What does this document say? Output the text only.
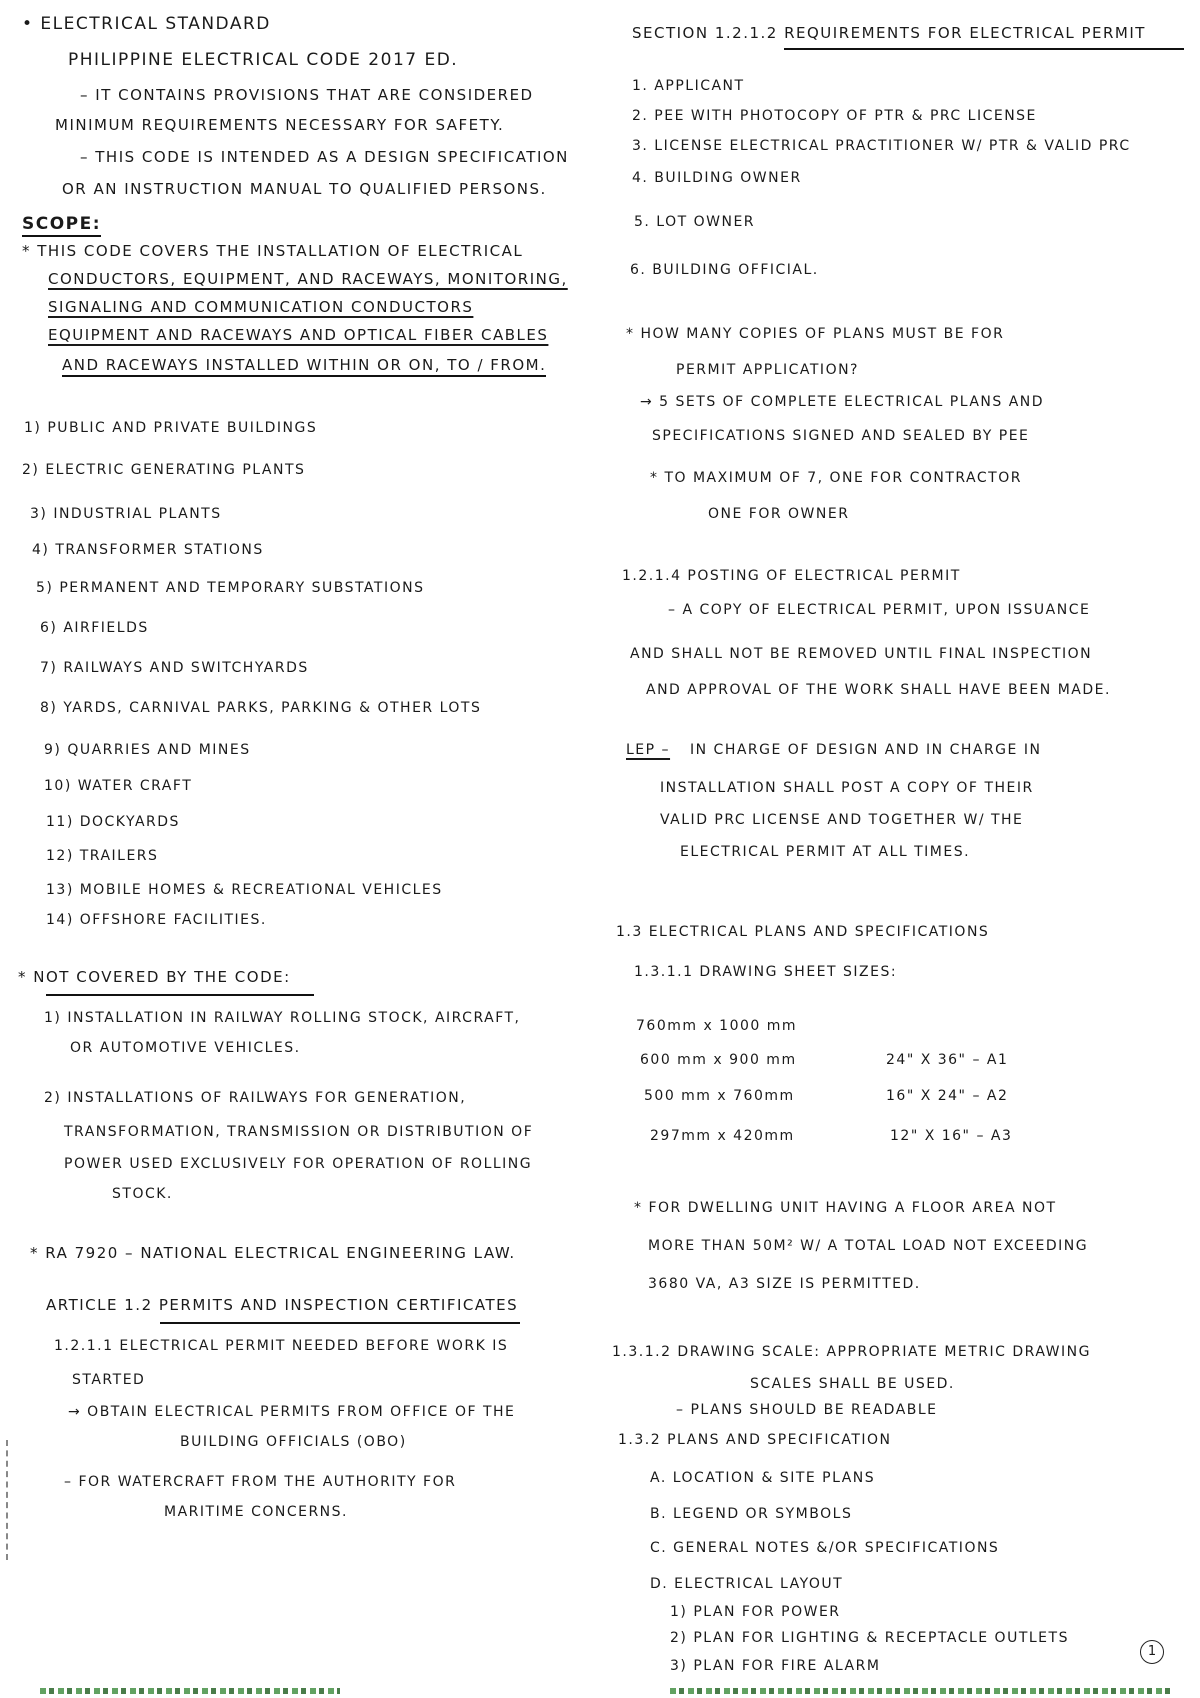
• ELECTRICAL STANDARD
PHILIPPINE ELECTRICAL CODE 2017 ED.
– IT CONTAINS PROVISIONS THAT ARE CONSIDERED
MINIMUM REQUIREMENTS NECESSARY FOR SAFETY.
– THIS CODE IS INTENDED AS A DESIGN SPECIFICATION
OR AN INSTRUCTION MANUAL TO QUALIFIED PERSONS.
SCOPE:
* THIS CODE COVERS THE INSTALLATION OF ELECTRICAL
CONDUCTORS, EQUIPMENT, AND RACEWAYS, MONITORING,
SIGNALING AND COMMUNICATION CONDUCTORS
EQUIPMENT AND RACEWAYS AND OPTICAL FIBER CABLES
AND RACEWAYS INSTALLED WITHIN OR ON, TO / FROM.
1) PUBLIC AND PRIVATE BUILDINGS
2) ELECTRIC GENERATING PLANTS
3) INDUSTRIAL PLANTS
4) TRANSFORMER STATIONS
5) PERMANENT AND TEMPORARY SUBSTATIONS
6) AIRFIELDS
7) RAILWAYS AND SWITCHYARDS
8) YARDS, CARNIVAL PARKS, PARKING & OTHER LOTS
9) QUARRIES AND MINES
10) WATER CRAFT
11) DOCKYARDS
12) TRAILERS
13) MOBILE HOMES & RECREATIONAL VEHICLES
14) OFFSHORE FACILITIES.
* NOT COVERED BY THE CODE:
1) INSTALLATION IN RAILWAY ROLLING STOCK, AIRCRAFT,
OR AUTOMOTIVE VEHICLES.
2) INSTALLATIONS OF RAILWAYS FOR GENERATION,
TRANSFORMATION, TRANSMISSION OR DISTRIBUTION OF
POWER USED EXCLUSIVELY FOR OPERATION OF ROLLING
STOCK.
* RA 7920 – NATIONAL ELECTRICAL ENGINEERING LAW.
ARTICLE 1.2 PERMITS AND INSPECTION CERTIFICATES
1.2.1.1 ELECTRICAL PERMIT NEEDED BEFORE WORK IS
STARTED
→ OBTAIN ELECTRICAL PERMITS FROM OFFICE OF THE
BUILDING OFFICIALS (OBO)
– FOR WATERCRAFT FROM THE AUTHORITY FOR
MARITIME CONCERNS.
SECTION 1.2.1.2 REQUIREMENTS FOR ELECTRICAL PERMIT
1. APPLICANT
2. PEE WITH PHOTOCOPY OF PTR & PRC LICENSE
3. LICENSE ELECTRICAL PRACTITIONER W/ PTR & VALID PRC
4. BUILDING OWNER
5. LOT OWNER
6. BUILDING OFFICIAL.
* HOW MANY COPIES OF PLANS MUST BE FOR
PERMIT APPLICATION?
→ 5 SETS OF COMPLETE ELECTRICAL PLANS AND
SPECIFICATIONS SIGNED AND SEALED BY PEE
* TO MAXIMUM OF 7, ONE FOR CONTRACTOR
ONE FOR OWNER
1.2.1.4 POSTING OF ELECTRICAL PERMIT
– A COPY OF ELECTRICAL PERMIT, UPON ISSUANCE
AND SHALL NOT BE REMOVED UNTIL FINAL INSPECTION
AND APPROVAL OF THE WORK SHALL HAVE BEEN MADE.
LEP – IN CHARGE OF DESIGN AND IN CHARGE IN
INSTALLATION SHALL POST A COPY OF THEIR
VALID PRC LICENSE AND TOGETHER W/ THE
ELECTRICAL PERMIT AT ALL TIMES.
1.3 ELECTRICAL PLANS AND SPECIFICATIONS
1.3.1.1 DRAWING SHEET SIZES:
760mm x 1000 mm
600 mm x 900 mm	24" X 36" – A1
500 mm x 760mm	16" X 24" – A2
297mm x 420mm	12" X 16" – A3
* FOR DWELLING UNIT HAVING A FLOOR AREA NOT
MORE THAN 50M² W/ A TOTAL LOAD NOT EXCEEDING
3680 VA, A3 SIZE IS PERMITTED.
1.3.1.2 DRAWING SCALE: APPROPRIATE METRIC DRAWING
SCALES SHALL BE USED.
– PLANS SHOULD BE READABLE
1.3.2 PLANS AND SPECIFICATION
A. LOCATION & SITE PLANS
B. LEGEND OR SYMBOLS
C. GENERAL NOTES &/OR SPECIFICATIONS
D. ELECTRICAL LAYOUT
1) PLAN FOR POWER
2) PLAN FOR LIGHTING & RECEPTACLE OUTLETS
3) PLAN FOR FIRE ALARM
1
